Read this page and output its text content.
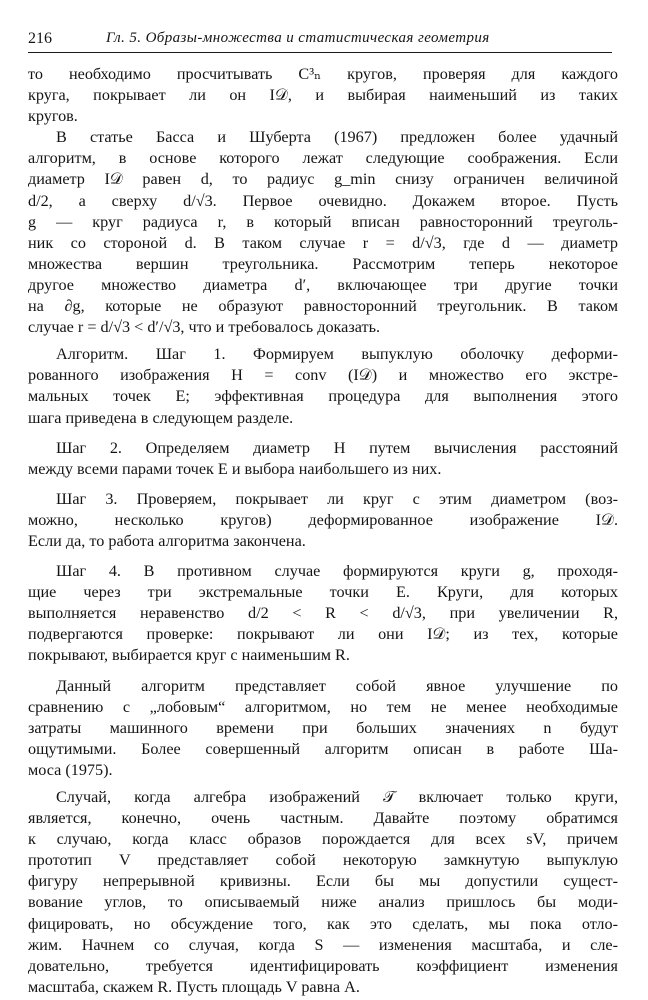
216	Гл. 5. Образы-множества и статистическая геометрия
то необходимо просчитывать C³ₙ кругов, проверяя для каждого
круга, покрывает ли он I𝒟, и выбирая наименьший из таких
кругов.
В статье Басса и Шуберта (1967) предложен более удачный
алгоритм, в основе которого лежат следующие соображения. Если
диаметр I𝒟 равен d, то радиус g_min снизу ограничен величиной
d/2, а сверху d/√3. Первое очевидно. Докажем второе. Пусть
g — круг радиуса r, в который вписан равносторонний треуголь-
ник со стороной d. В таком случае r = d/√3, где d — диаметр
множества вершин треугольника. Рассмотрим теперь некоторое
другое множество диаметра d′, включающее три другие точки
на ∂g, которые не образуют равносторонний треугольник. В таком
случае r = d/√3 < d′/√3, что и требовалось доказать.
Алгоритм. Шаг 1. Формируем выпуклую оболочку деформи-
рованного изображения H = conv (I𝒟) и множество его экстре-
мальных точек E; эффективная процедура для выполнения этого
шага приведена в следующем разделе.
Шаг 2. Определяем диаметр H путем вычисления расстояний
между всеми парами точек E и выбора наибольшего из них.
Шаг 3. Проверяем, покрывает ли круг с этим диаметром (воз-
можно, несколько кругов) деформированное изображение I𝒟.
Если да, то работа алгоритма закончена.
Шаг 4. В противном случае формируются круги g, проходя-
щие через три экстремальные точки E. Круги, для которых
выполняется неравенство d/2 < R < d/√3, при увеличении R,
подвергаются проверке: покрывают ли они I𝒟; из тех, которые
покрывают, выбирается круг с наименьшим R.
Данный алгоритм представляет собой явное улучшение по
сравнению с „лобовым“ алгоритмом, но тем не менее необходимые
затраты машинного времени при больших значениях n будут
ощутимыми. Более совершенный алгоритм описан в работе Ша-
моса (1975).
Случай, когда алгебра изображений 𝒯 включает только круги,
является, конечно, очень частным. Давайте поэтому обратимся
к случаю, когда класс образов порождается для всех sV, причем
прототип V представляет собой некоторую замкнутую выпуклую
фигуру непрерывной кривизны. Если бы мы допустили сущест-
вование углов, то описываемый ниже анализ пришлось бы моди-
фицировать, но обсуждение того, как это сделать, мы пока отло-
жим. Начнем со случая, когда S — изменения масштаба, и сле-
довательно, требуется идентифицировать коэффициент изменения
масштаба, скажем R. Пусть площадь V равна A.
